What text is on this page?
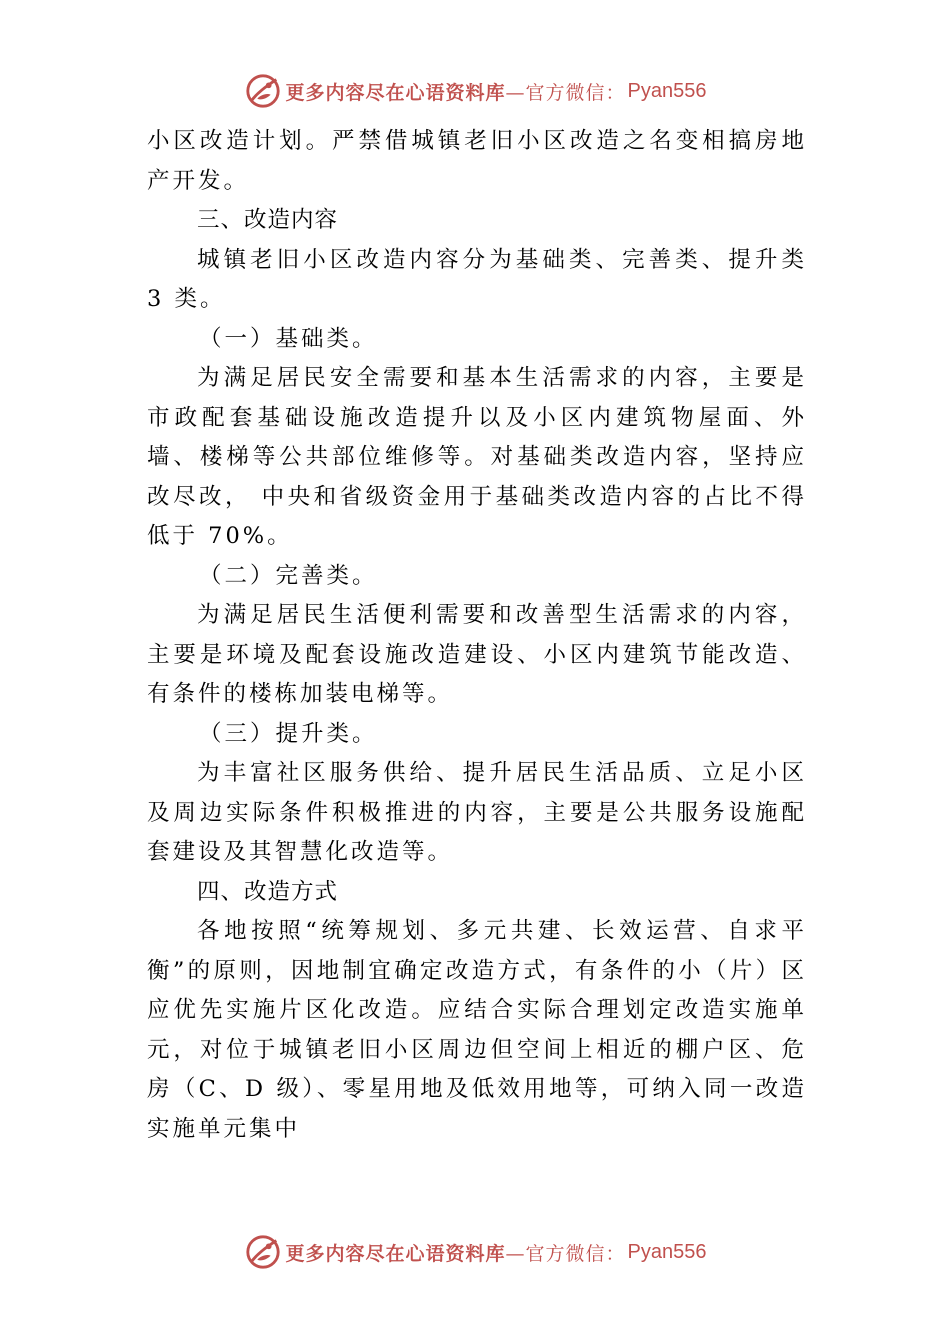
更多内容尽在心语资料库 —官方微信： Pyan556

小区改造计划。严禁借城镇老旧小区改造之名变相搞房地产开发。

三、改造内容

城镇老旧小区改造内容分为基础类、完善类、提升类 3 类。

（一）基础类。

为满足居民安全需要和基本生活需求的内容，主要是市政配套基础设施改造提升以及小区内建筑物屋面、外墙、楼梯等公共部位维修等。对基础类改造内容，坚持应改尽改， 中央和省级资金用于基础类改造内容的占比不得低于 70%。

（二）完善类。

为满足居民生活便利需要和改善型生活需求的内容，主要是环境及配套设施改造建设、小区内建筑节能改造、有条件的楼栋加装电梯等。

（三）提升类。

为丰富社区服务供给、提升居民生活品质、立足小区及周边实际条件积极推进的内容，主要是公共服务设施配套建设及其智慧化改造等。

四、改造方式

各地按照“统筹规划、多元共建、长效运营、自求平衡”的原则，因地制宜确定改造方式，有条件的小（片）区应优先实施片区化改造。应结合实际合理划定改造实施单元，对位于城镇老旧小区周边但空间上相近的棚户区、危房（C、D 级）、零星用地及低效用地等，可纳入同一改造实施单元集中

更多内容尽在心语资料库 —官方微信： Pyan556
